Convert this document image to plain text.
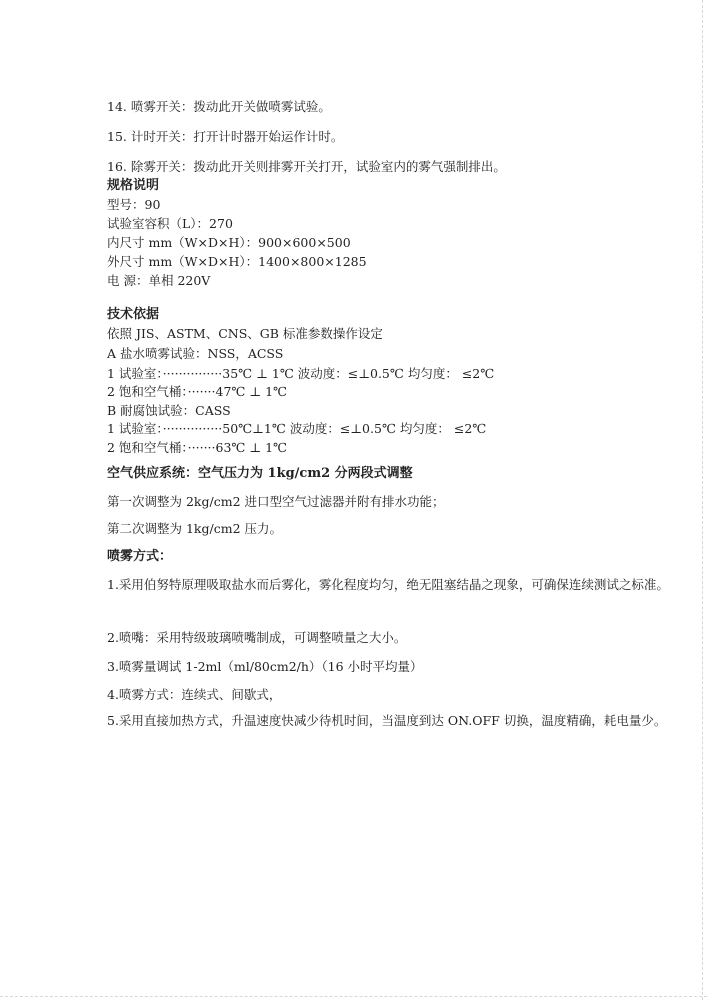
14. 喷雾开关：拨动此开关做喷雾试验。
15. 计时开关：打开计时器开始运作计时。
16. 除雾开关：拨动此开关则排雾开关打开，试验室内的雾气强制排出。
规格说明
型号：90
试验室容积（L）：270
内尺寸 mm（W×D×H）：900×600×500
外尺寸 mm（W×D×H）：1400×800×1285
电 源：单相 220V
技术依据
依照 JIS、ASTM、CNS、GB 标准参数操作设定
A 盐水喷雾试验：NSS，ACSS
1 试验室：···············35℃ ⊥ 1℃ 波动度：≤⊥0.5℃ 均匀度： ≤2℃
2 饱和空气桶：·······47℃ ⊥ 1℃
B 耐腐蚀试验：CASS
1 试验室：···············50℃⊥1℃ 波动度：≤⊥0.5℃ 均匀度： ≤2℃
2 饱和空气桶：·······63℃ ⊥ 1℃
空气供应系统：空气压力为 1kg/cm2 分两段式调整
第一次调整为 2kg/cm2 进口型空气过滤器并附有排水功能；
第二次调整为 1kg/cm2 压力。
喷雾方式：
1.采用伯努特原理吸取盐水而后雾化，雾化程度均匀，绝无阻塞结晶之现象，可确保连续测试之标准。
2.喷嘴：采用特级玻璃喷嘴制成，可调整喷量之大小。
3.喷雾量调试 1-2ml（ml/80cm2/h）（16 小时平均量）
4.喷雾方式：连续式、间歇式，
5.采用直接加热方式，升温速度快减少待机时间，当温度到达 ON.OFF 切换，温度精确，耗电量少。
